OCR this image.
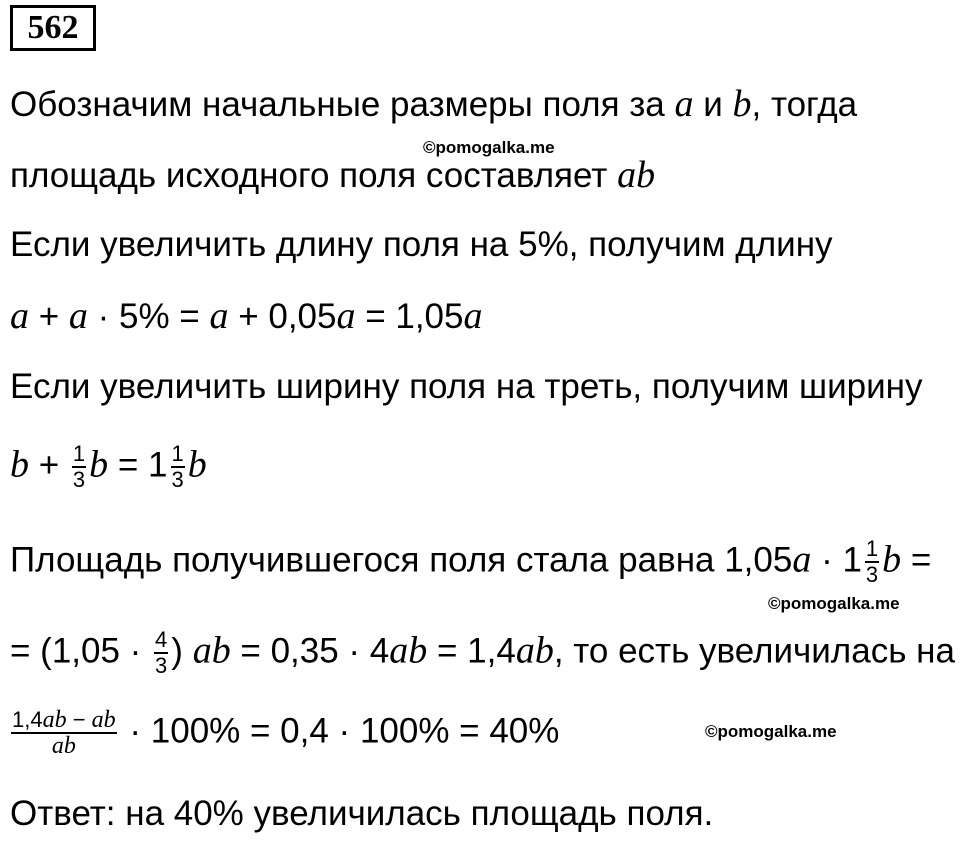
562
Обозначим начальные размеры поля за a и b, тогда
©pomogalka.me
площадь исходного поля составляет ab
Если увеличить длину поля на 5%, получим длину
a + a · 5% = a + 0,05a = 1,05a
Если увеличить ширину поля на треть, получим ширину
$b + \frac{1}{3}$ $b = 1 \frac{1}{3}$ b
Площадь получившегося поля стала равна $1,05a \cdot 1 \frac{1}{3}$ b =
©pomogalka.me
= ($1,05 \cdot \frac{4}{3}$ ) ab = 0,35 · 4ab = 1,4ab, то есть увеличилась на
$\frac{1,4ab - ab}{ab} \cdot 100\% = 0,4 \cdot 100\% = 40\%$	©pomogalka.me
Ответ: на 40% увеличилась площадь поля.
